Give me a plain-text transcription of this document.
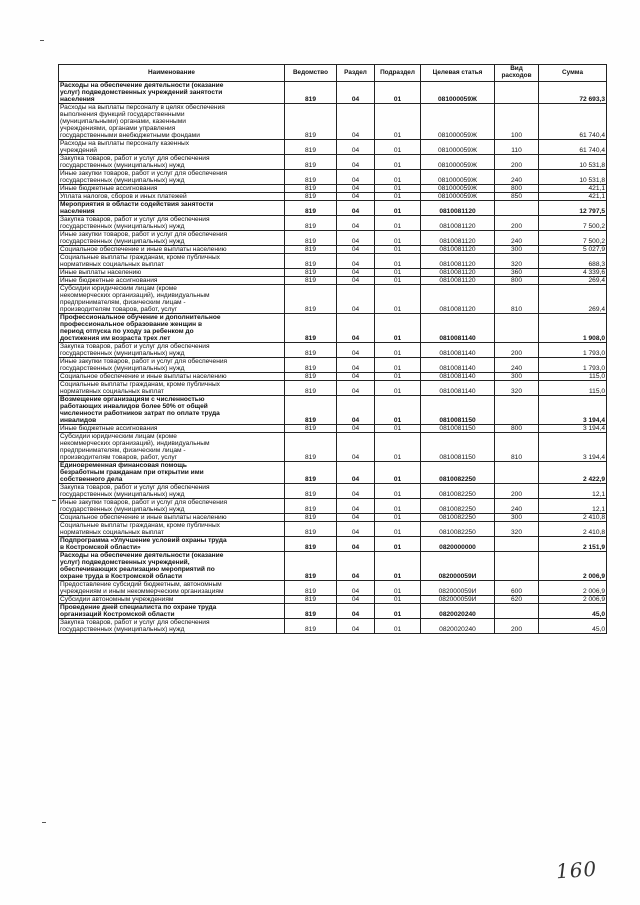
Наименование	Ведомство	Раздел	Подраздел	Целевая статья	Вид расходов	Сумма

Расходы на обеспечение деятельности (оказание
услуг) подведомственных учреждений занятости
населения	819	04	01	081000059Ж		72 693,3

Расходы на выплаты персоналу в целях обеспечения
выполнения функций государственными
(муниципальными) органами, казенными
учреждениями, органами управления
государственными внебюджетными фондами	819	04	01	081000059Ж	100	61 740,4

Расходы на выплаты персоналу казенных
учреждений	819	04	01	081000059Ж	110	61 740,4

Закупка товаров, работ и услуг для обеспечения
государственных (муниципальных) нужд	819	04	01	081000059Ж	200	10 531,8

Иные закупки товаров, работ и услуг для обеспечения
государственных (муниципальных) нужд	819	04	01	081000059Ж	240	10 531,8

Иные бюджетные ассигнования	819	04	01	081000059Ж	800	421,1

Уплата налогов, сборов и иных платежей	819	04	01	081000059Ж	850	421,1

Мероприятия в области содействия занятости
населения	819	04	01	0810081120		12 797,5

Закупка товаров, работ и услуг для обеспечения
государственных (муниципальных) нужд	819	04	01	0810081120	200	7 500,2

Иные закупки товаров, работ и услуг для обеспечения
государственных (муниципальных) нужд	819	04	01	0810081120	240	7 500,2

Социальное обеспечение и иные выплаты населению	819	04	01	0810081120	300	5 027,9

Социальные выплаты гражданам, кроме публичных
нормативных социальных выплат	819	04	01	0810081120	320	688,3

Иные выплаты населению	819	04	01	0810081120	360	4 339,6

Иные бюджетные ассигнования	819	04	01	0810081120	800	269,4

Субсидии юридическим лицам (кроме
некоммерческих организаций), индивидуальным
предпринимателям, физическим лицам -
производителям товаров, работ, услуг	819	04	01	0810081120	810	269,4

Профессиональное обучение и дополнительное
профессиональное образование женщин в
период отпуска по уходу за ребенком до
достижения им возраста трех лет	819	04	01	0810081140		1 908,0

Закупка товаров, работ и услуг для обеспечения
государственных (муниципальных) нужд	819	04	01	0810081140	200	1 793,0

Иные закупки товаров, работ и услуг для обеспечения
государственных (муниципальных) нужд	819	04	01	0810081140	240	1 793,0

Социальное обеспечение и иные выплаты населению	819	04	01	0810081140	300	115,0

Социальные выплаты гражданам, кроме публичных
нормативных социальных выплат	819	04	01	0810081140	320	115,0

Возмещение организациям с численностью
работающих инвалидов более 50% от общей
численности работников затрат по оплате труда
инвалидов	819	04	01	0810081150		3 194,4

Иные бюджетные ассигнования	819	04	01	0810081150	800	3 194,4

Субсидии юридическим лицам (кроме
некоммерческих организаций), индивидуальным
предпринимателям, физическим лицам -
производителям товаров, работ, услуг	819	04	01	0810081150	810	3 194,4

Единовременная финансовая помощь
безработным гражданам при открытии ими
собственного дела	819	04	01	0810082250		2 422,9

Закупка товаров, работ и услуг для обеспечения
государственных (муниципальных) нужд	819	04	01	0810082250	200	12,1

Иные закупки товаров, работ и услуг для обеспечения
государственных (муниципальных) нужд	819	04	01	0810082250	240	12,1

Социальное обеспечение и иные выплаты населению	819	04	01	0810082250	300	2 410,8

Социальные выплаты гражданам, кроме публичных
нормативных социальных выплат	819	04	01	0810082250	320	2 410,8

Подпрограмма «Улучшение условий охраны труда
в Костромской области»	819	04	01	0820000000		2 151,9

Расходы на обеспечение деятельности (оказание
услуг) подведомственных учреждений,
обеспечивающих реализацию мероприятий по
охране труда в Костромской области	819	04	01	082000059И		2 006,9

Предоставление субсидий бюджетным, автономным
учреждениям и иным некоммерческим организациям	819	04	01	082000059И	600	2 006,9

Субсидии автономным учреждениям	819	04	01	082000059И	620	2 006,9

Проведение дней специалиста по охране труда
организаций Костромской области	819	04	01	0820020240		45,0

Закупка товаров, работ и услуг для обеспечения
государственных (муниципальных) нужд	819	04	01	0820020240	200	45,0
160
